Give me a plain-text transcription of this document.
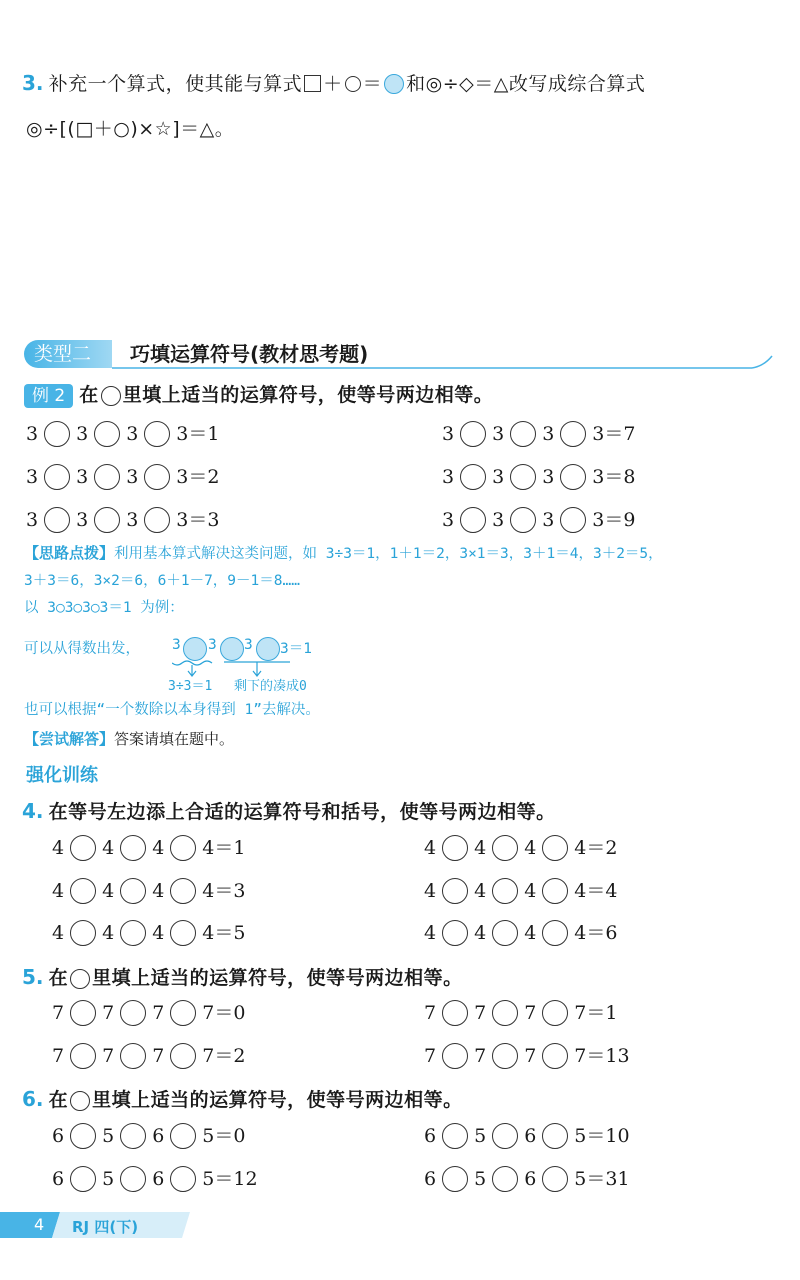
3. 补充一个算式，使其能与算式 ＋ ＝ 和◎÷◇＝△改写成综合算式
◎÷[(□＋○)×☆]＝△。
类型二	巧填运算符号(教材思考题)
例 2 在 里填上适当的运算符号，使等号两边相等。
3 3 3 3＝1	3 3 3 3＝7
3 3 3 3＝2	3 3 3 3＝8
3 3 3 3＝3	3 3 3 3＝9
【思路点拨】利用基本算式解决这类问题，如 3÷3＝1，1＋1＝2，3×1＝3，3＋1＝4，3＋2＝5，
3＋3＝6，3×2＝6，6＋1－7，9－1＝8……
以 3○3○3○3＝1 为例：
可以从得数出发， 3 3 3 3＝1
3÷3＝1 剩下的凑成0
也可以根据“一个数除以本身得到 1”去解决。
【尝试解答】答案请填在题中。
强化训练
4. 在等号左边添上合适的运算符号和括号，使等号两边相等。
4 4 4 4＝1	4 4 4 4＝2
4 4 4 4＝3	4 4 4 4＝4
4 4 4 4＝5	4 4 4 4＝6
5. 在 里填上适当的运算符号，使等号两边相等。
7 7 7 7＝0	7 7 7 7＝1
7 7 7 7＝2	7 7 7 7＝13
6. 在 里填上适当的运算符号，使等号两边相等。
6 5 6 5＝0	6 5 6 5＝10
6 5 6 5＝12	6 5 6 5＝31
4 RJ 四(下)
